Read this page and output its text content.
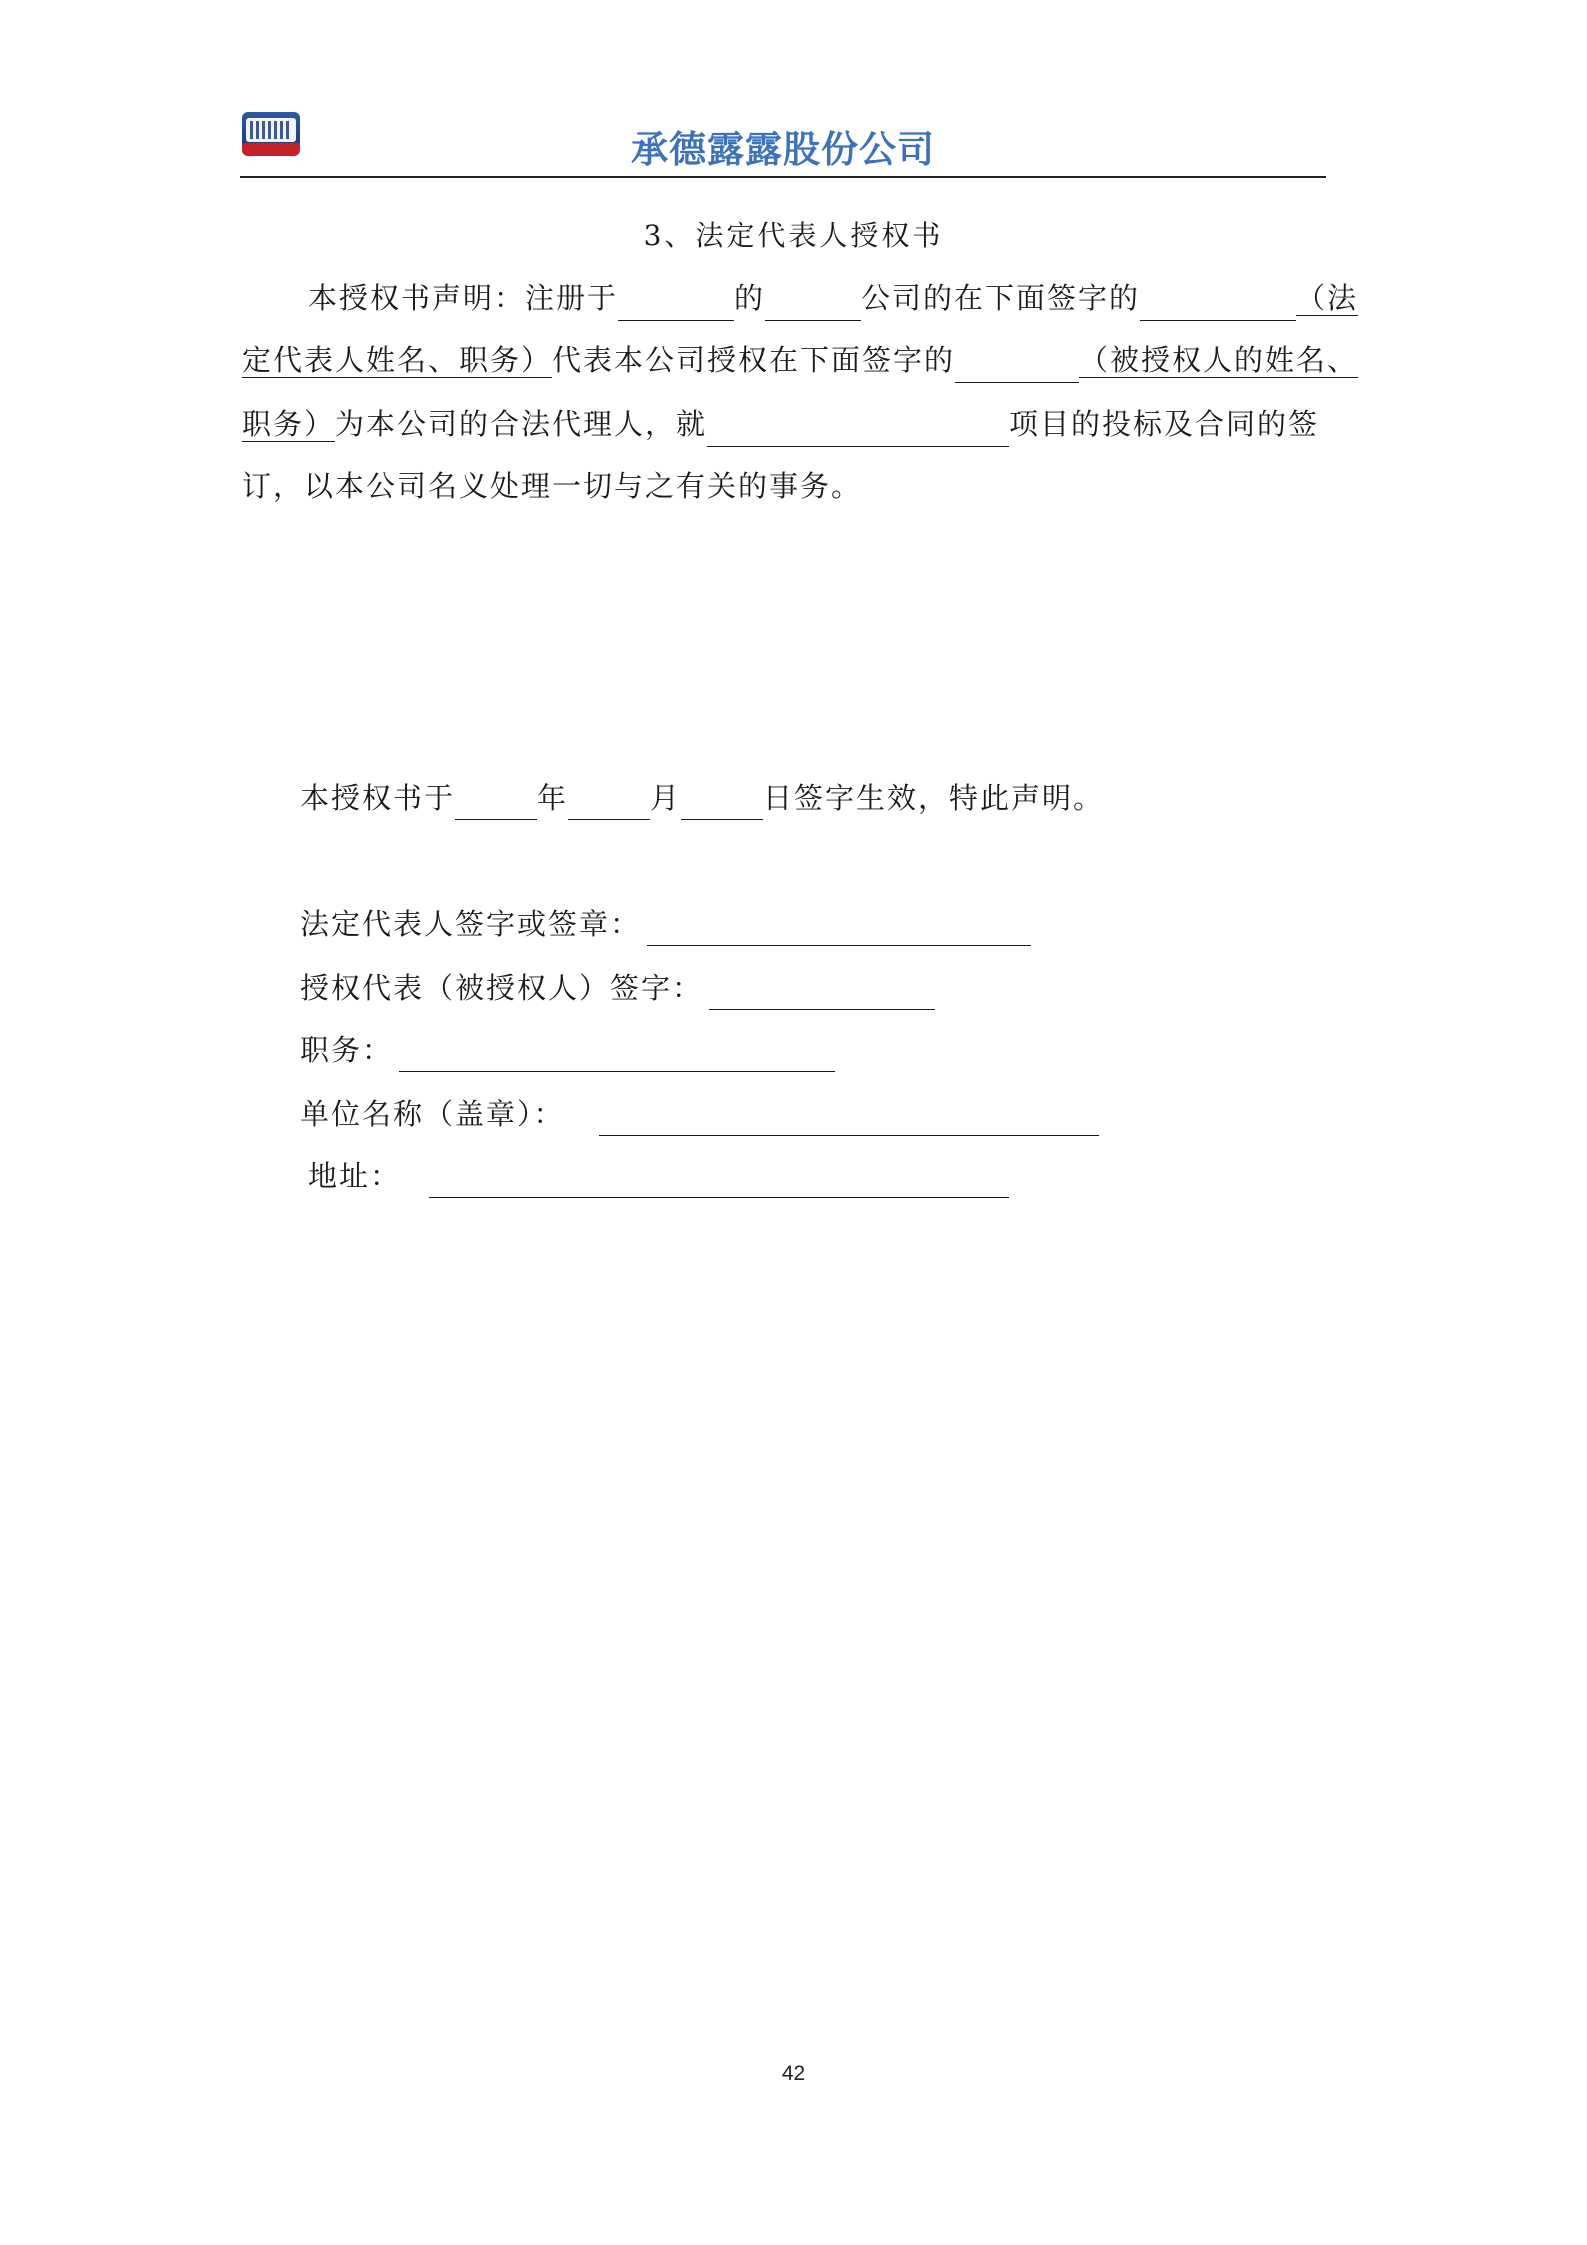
承德露露股份公司
3、法定代表人授权书
本授权书声明：注册于	的	公司的在下面签字的	（法
定代表人姓名、职务）代表本公司授权在下面签字的	（被授权人的姓名、
职务）为本公司的合法代理人，就	项目的投标及合同的签
订，以本公司名义处理一切与之有关的事务。
本授权书于	年	月	日签字生效，特此声明。
法定代表人签字或签章：
授权代表（被授权人）签字：
职务：
单位名称（盖章）：
地址：
42
